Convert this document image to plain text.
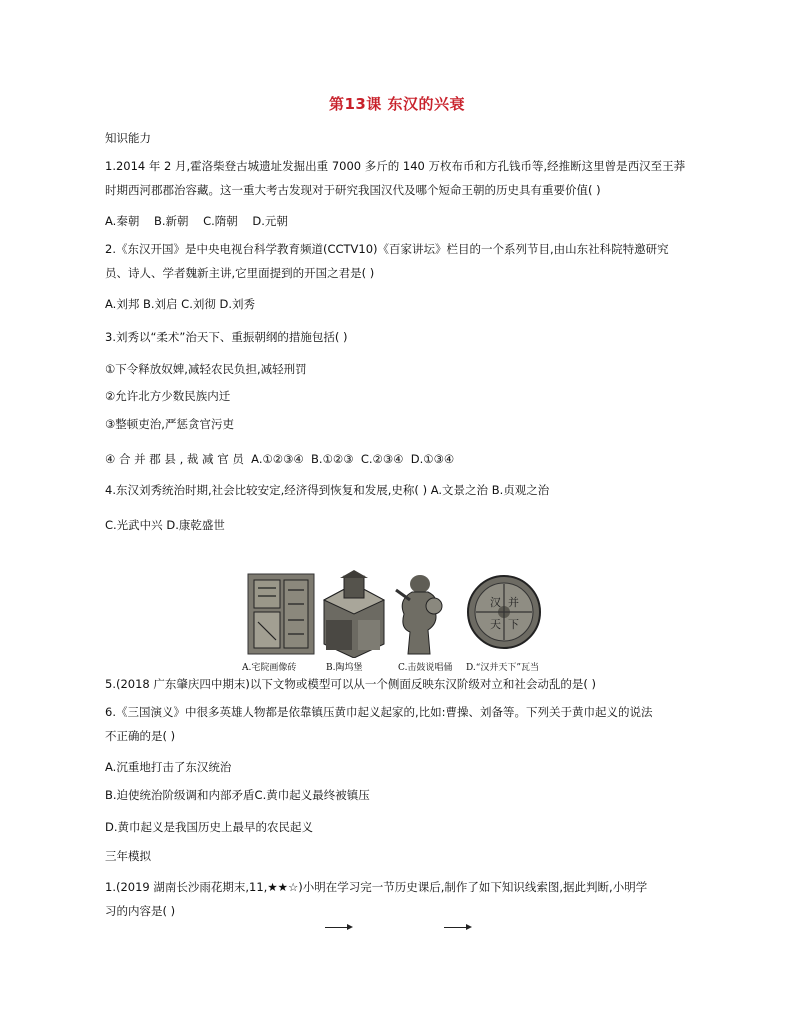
第13课 东汉的兴衰
知识能力
1.2014 年 2 月,霍洛柴登古城遗址发掘出重 7000 多斤的 140 万枚布币和方孔钱币等,经推断这里曾是西汉至王莽
时期西河郡郡治容藏。这一重大考古发现对于研究我国汉代及哪个短命王朝的历史具有重要价值( )
A.秦朝    B.新朝    C.隋朝    D.元朝
2.《东汉开国》是中央电视台科学教育频道(CCTV10)《百家讲坛》栏目的一个系列节目,由山东社科院特邀研究
员、诗人、学者魏新主讲,它里面提到的开国之君是( )
A.刘邦 B.刘启 C.刘彻 D.刘秀
3.刘秀以“柔术”治天下、重振朝纲的措施包括( )
①下令释放奴婢,减轻农民负担,减轻刑罚
②允许北方少数民族内迁
③整顿吏治,严惩贪官污吏
④ 合 并 郡 县 , 裁 减 官 员  A.①②③④  B.①②③  C.②③④  D.①③④
4.东汉刘秀统治时期,社会比较安定,经济得到恢复和发展,史称( ) A.文景之治 B.贞观之治
C.光武中兴 D.康乾盛世
A.宅院画像砖	B.陶坞堡	C.击鼓说唱俑
汉 并
天 下
D.“汉并天下”瓦当
5.(2018 广东肇庆四中期末)以下文物或模型可以从一个侧面反映东汉阶级对立和社会动乱的是( )
6.《三国演义》中很多英雄人物都是依靠镇压黄巾起义起家的,比如:曹操、刘备等。下列关于黄巾起义的说法
不正确的是( )
A.沉重地打击了东汉统治
B.迫使统治阶级调和内部矛盾C.黄巾起义最终被镇压
D.黄巾起义是我国历史上最早的农民起义
三年模拟
1.(2019 湖南长沙雨花期末,11,★★☆)小明在学习完一节历史课后,制作了如下知识线索图,据此判断,小明学
习的内容是( )
